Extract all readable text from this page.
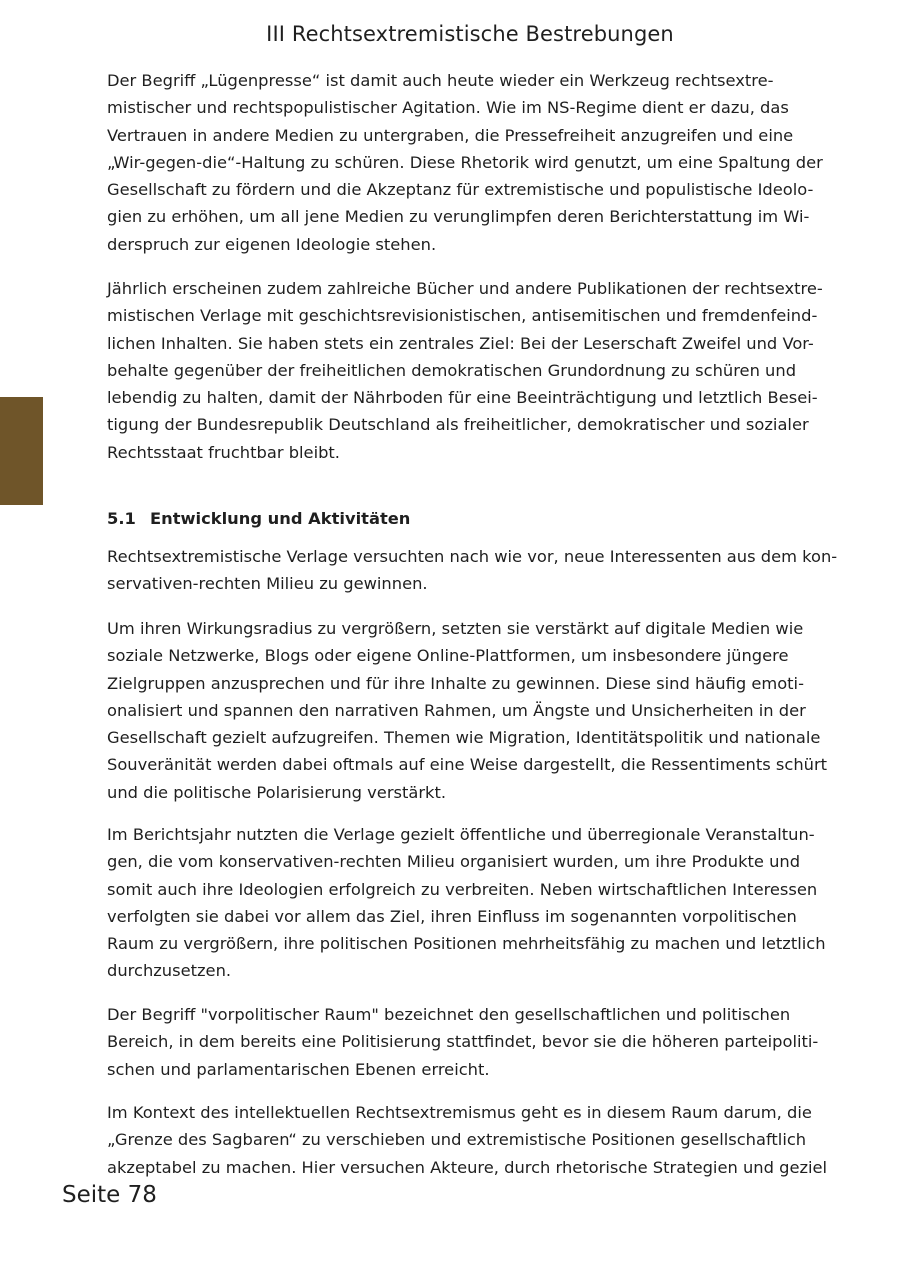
III Rechtsextremistische Bestrebungen

Der Begriff „Lügenpresse“ ist damit auch heute wieder ein Werkzeug rechtsextre-
mistischer und rechtspopulistischer Agitation. Wie im NS-Regime dient er dazu, das
Vertrauen in andere Medien zu untergraben, die Pressefreiheit anzugreifen und eine
„Wir-gegen-die“-Haltung zu schüren. Diese Rhetorik wird genutzt, um eine Spaltung der
Gesellschaft zu fördern und die Akzeptanz für extremistische und populistische Ideolo-
gien zu erhöhen, um all jene Medien zu verunglimpfen deren Berichterstattung im Wi-
derspruch zur eigenen Ideologie stehen.

Jährlich erscheinen zudem zahlreiche Bücher und andere Publikationen der rechtsextre-
mistischen Verlage mit geschichtsrevisionistischen, antisemitischen und fremdenfeind-
lichen Inhalten. Sie haben stets ein zentrales Ziel: Bei der Leserschaft Zweifel und Vor-
behalte gegenüber der freiheitlichen demokratischen Grundordnung zu schüren und
lebendig zu halten, damit der Nährboden für eine Beeinträchtigung und letztlich Besei-
tigung der Bundesrepublik Deutschland als freiheitlicher, demokratischer und sozialer
Rechtsstaat fruchtbar bleibt.

5.1 Entwicklung und Aktivitäten

Rechtsextremistische Verlage versuchten nach wie vor, neue Interessenten aus dem kon-
servativen-rechten Milieu zu gewinnen.

Um ihren Wirkungsradius zu vergrößern, setzten sie verstärkt auf digitale Medien wie
soziale Netzwerke, Blogs oder eigene Online-Plattformen, um insbesondere jüngere
Zielgruppen anzusprechen und für ihre Inhalte zu gewinnen. Diese sind häufig emoti-
onalisiert und spannen den narrativen Rahmen, um Ängste und Unsicherheiten in der
Gesellschaft gezielt aufzugreifen. Themen wie Migration, Identitätspolitik und nationale
Souveränität werden dabei oftmals auf eine Weise dargestellt, die Ressentiments schürt
und die politische Polarisierung verstärkt.

Im Berichtsjahr nutzten die Verlage gezielt öffentliche und überregionale Veranstaltun-
gen, die vom konservativen-rechten Milieu organisiert wurden, um ihre Produkte und
somit auch ihre Ideologien erfolgreich zu verbreiten. Neben wirtschaftlichen Interessen
verfolgten sie dabei vor allem das Ziel, ihren Einfluss im sogenannten vorpolitischen
Raum zu vergrößern, ihre politischen Positionen mehrheitsfähig zu machen und letztlich
durchzusetzen.

Der Begriff "vorpolitischer Raum" bezeichnet den gesellschaftlichen und politischen
Bereich, in dem bereits eine Politisierung stattfindet, bevor sie die höheren parteipoliti-
schen und parlamentarischen Ebenen erreicht.

Im Kontext des intellektuellen Rechtsextremismus geht es in diesem Raum darum, die
„Grenze des Sagbaren“ zu verschieben und extremistische Positionen gesellschaftlich
akzeptabel zu machen. Hier versuchen Akteure, durch rhetorische Strategien und geziel

Seite 78
